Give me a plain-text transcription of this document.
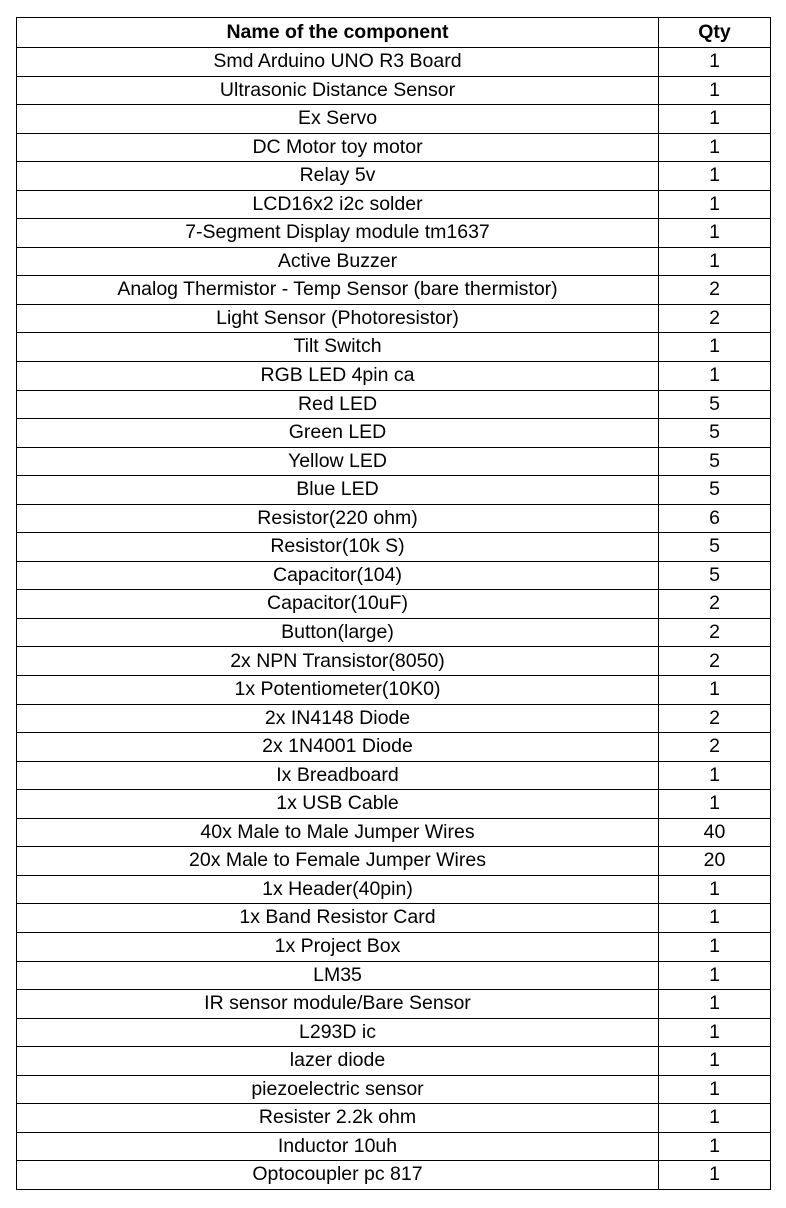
Name of the component	Qty
Smd Arduino UNO R3 Board	1
Ultrasonic Distance Sensor	1
Ex Servo	1
DC Motor toy motor	1
Relay 5v	1
LCD16x2 i2c solder	1
7-Segment Display module tm1637	1
Active Buzzer	1
Analog Thermistor - Temp Sensor (bare thermistor)	2
Light Sensor (Photoresistor)	2
Tilt Switch	1
RGB LED 4pin ca	1
Red LED	5
Green LED	5
Yellow LED	5
Blue LED	5
Resistor(220 ohm)	6
Resistor(10k S)	5
Capacitor(104)	5
Capacitor(10uF)	2
Button(large)	2
2x NPN Transistor(8050)	2
1x Potentiometer(10K0)	1
2x IN4148 Diode	2
2x 1N4001 Diode	2
Ix Breadboard	1
1x USB Cable	1
40x Male to Male Jumper Wires	40
20x Male to Female Jumper Wires	20
1x Header(40pin)	1
1x Band Resistor Card	1
1x Project Box	1
LM35	1
IR sensor module/Bare Sensor	1
L293D ic	1
lazer diode	1
piezoelectric sensor	1
Resister 2.2k ohm	1
Inductor 10uh	1
Optocoupler pc 817	1
